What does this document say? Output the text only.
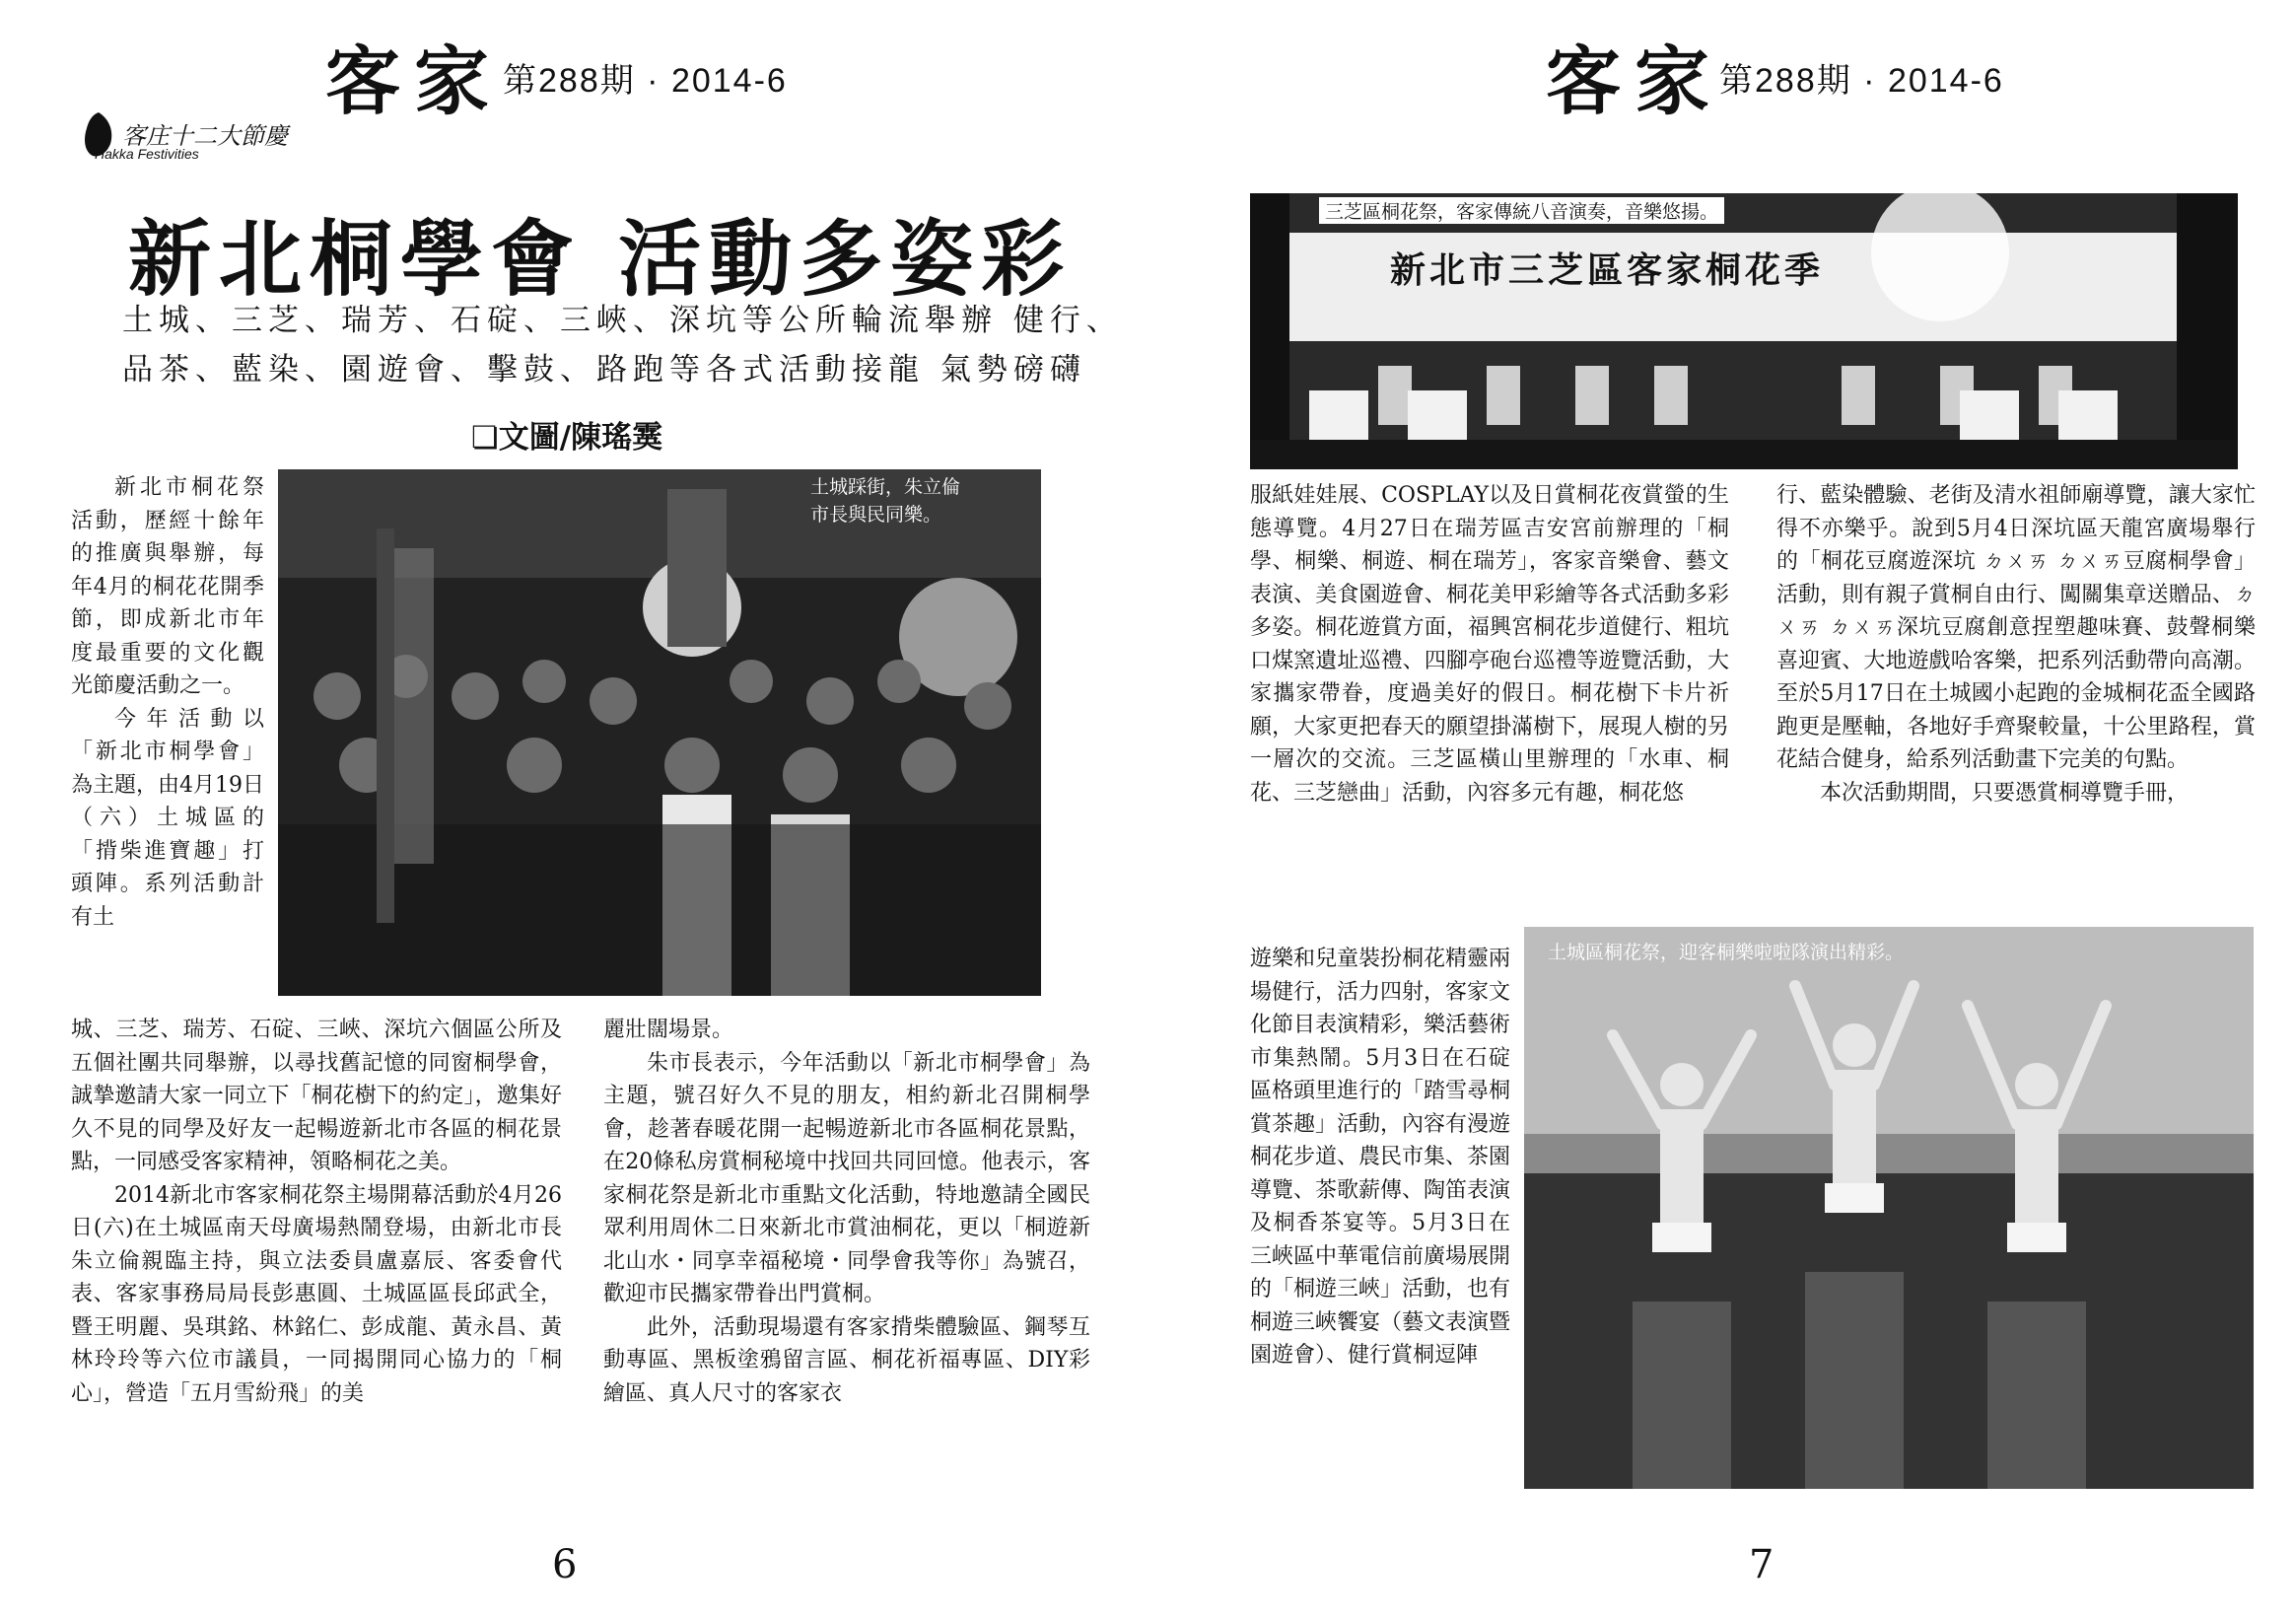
客家 第288期 · 2014-6
客庄十二大節慶
Hakka Festivities
新北桐學會 活動多姿彩
土城、三芝、瑞芳、石碇、三峽、深坑等公所輪流舉辦 健行、
品茶、藍染、園遊會、擊鼓、路跑等各式活動接龍 氣勢磅礴
❏文圖/陳瑤霙
土城踩街，朱立倫
市長與民同樂。

新北市桐花祭活動，歷經十餘年的推廣與舉辦，每年4月的桐花花開季節，即成新北市年度最重要的文化觀光節慶活動之一。

今年活動以「新北市桐學會」為主題，由4月19日（六）土城區的「揹柴進寶趣」打頭陣。系列活動計有土

城、三芝、瑞芳、石碇、三峽、深坑六個區公所及五個社團共同舉辦，以尋找舊記憶的同窗桐學會，誠摯邀請大家一同立下「桐花樹下的約定」，邀集好久不見的同學及好友一起暢遊新北市各區的桐花景點，一同感受客家精神，領略桐花之美。

2014新北市客家桐花祭主場開幕活動於4月26日(六)在土城區南天母廣場熱鬧登場，由新北市長朱立倫親臨主持，與立法委員盧嘉辰、客委會代表、客家事務局局長彭惠圓、土城區區長邱武全，暨王明麗、吳琪銘、林銘仁、彭成龍、黃永昌、黃林玲玲等六位市議員，一同揭開同心協力的「桐心」，營造「五月雪紛飛」的美

麗壯闊場景。

朱市長表示，今年活動以「新北市桐學會」為主題，號召好久不見的朋友，相約新北召開桐學會，趁著春暖花開一起暢遊新北市各區桐花景點，在20條私房賞桐秘境中找回共同回憶。他表示，客家桐花祭是新北市重點文化活動，特地邀請全國民眾利用周休二日來新北市賞油桐花，更以「桐遊新北山水・同享幸福秘境・同學會我等你」為號召，歡迎市民攜家帶眷出門賞桐。

此外，活動現場還有客家揹柴體驗區、鋼琴互動專區、黑板塗鴉留言區、桐花祈福專區、DIY彩繪區、真人尺寸的客家衣

6
客家
第288期 · 2014-6
三芝區桐花祭，客家傳統八音演奏，音樂悠揚。
新北市三芝區客家桐花季

服紙娃娃展、COSPLAY以及日賞桐花夜賞螢的生態導覽。4月27日在瑞芳區吉安宮前辦理的「桐學、桐樂、桐遊、桐在瑞芳」，客家音樂會、藝文表演、美食園遊會、桐花美甲彩繪等各式活動多彩多姿。桐花遊賞方面，福興宮桐花步道健行、粗坑口煤窯遺址巡禮、四腳亭砲台巡禮等遊覽活動，大家攜家帶眷，度過美好的假日。桐花樹下卡片祈願，大家更把春天的願望掛滿樹下，展現人樹的另一層次的交流。三芝區橫山里辦理的「水車、桐花、三芝戀曲」活動，內容多元有趣，桐花悠

遊樂和兒童裝扮桐花精靈兩場健行，活力四射，客家文化節目表演精彩，樂活藝術市集熱鬧。5月3日在石碇區格頭里進行的「踏雪尋桐賞茶趣」活動，內容有漫遊桐花步道、農民市集、茶園導覽、茶歌薪傳、陶笛表演及桐香茶宴等。5月3日在三峽區中華電信前廣場展開的「桐遊三峽」活動，也有桐遊三峽饗宴（藝文表演暨園遊會）、健行賞桐逗陣

行、藍染體驗、老街及清水祖師廟導覽，讓大家忙得不亦樂乎。說到5月4日深坑區天龍宮廣場舉行的「桐花豆腐遊深坑 ㄉㄨㄞ ㄉㄨㄞ豆腐桐學會」活動，則有親子賞桐自由行、闖關集章送贈品、ㄉㄨㄞ ㄉㄨㄞ深坑豆腐創意捏塑趣味賽、鼓聲桐樂喜迎賓、大地遊戲哈客樂，把系列活動帶向高潮。至於5月17日在土城國小起跑的金城桐花盃全國路跑更是壓軸，各地好手齊聚較量，十公里路程，賞花結合健身，給系列活動畫下完美的句點。

本次活動期間，只要憑賞桐導覽手冊，

土城區桐花祭，迎客桐樂啦啦隊演出精彩。
7
